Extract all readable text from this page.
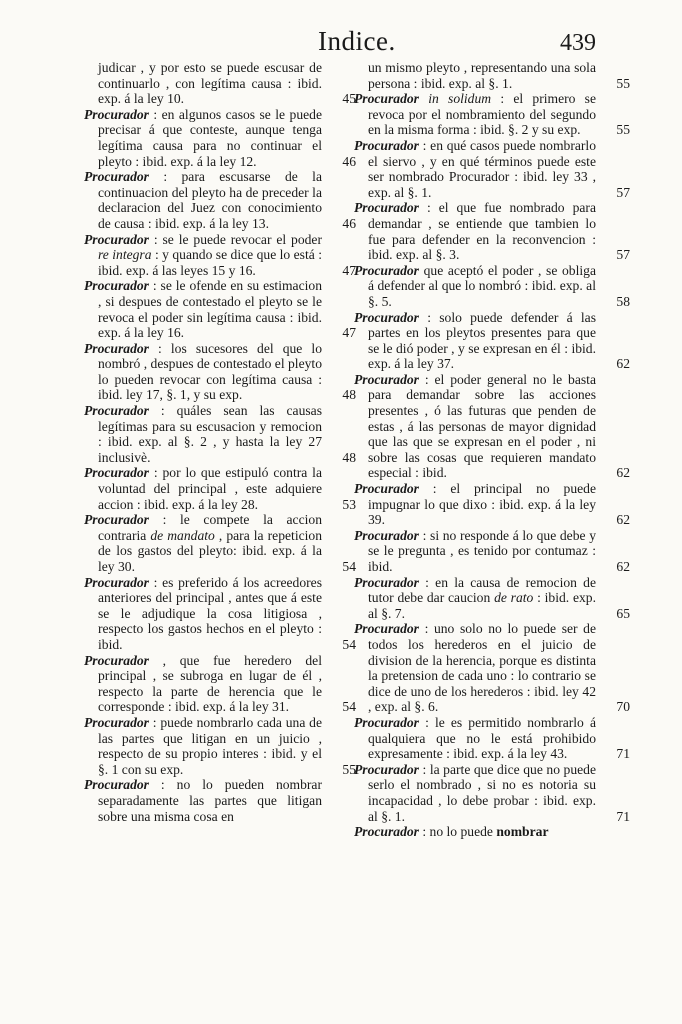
Indice.	439

judicar , y por esto se puede escusar de continuarlo , con legítima causa : ibid. exp. á la ley 10.	45

Procurador : en algunos casos se le puede precisar á que conteste, aunque tenga legítima causa para no continuar el pleyto : ibid. exp. á la ley 12.	46

Procurador : para escusarse de la continuacion del pleyto ha de preceder la declaracion del Juez con conocimiento de causa : ibid. exp. á la ley 13.	46

Procurador : se le puede revocar el poder re integra : y quando se dice que lo está : ibid. exp. á las leyes 15 y 16.	47

Procurador : se le ofende en su estimacion , si despues de contestado el pleyto se le revoca el poder sin legítima causa : ibid. exp. á la ley 16.	47

Procurador : los sucesores del que lo nombró , despues de contestado el pleyto lo pueden revocar con legítima causa : ibid. ley 17, §. 1, y su exp.	48

Procurador : quáles sean las causas legítimas para su escusacion y remocion : ibid. exp. al §. 2 , y hasta la ley 27 inclusivè.	48

Procurador : por lo que estipuló contra la voluntad del principal , este adquiere accion : ibid. exp. á la ley 28.	53

Procurador : le compete la accion contraria de mandato , para la repeticion de los gastos del pleyto: ibid. exp. á la ley 30.	54

Procurador : es preferido á los acreedores anteriores del principal , antes que á este se le adjudique la cosa litigiosa , respecto los gastos hechos en el pleyto : ibid.	54

Procurador , que fue heredero del principal , se subroga en lugar de él , respecto la parte de herencia que le corresponde : ibid. exp. á la ley 31.	54

Procurador : puede nombrarlo cada una de las partes que litigan en un juicio , respecto de su propio interes : ibid. y el §. 1 con su exp.	55

Procurador : no lo pueden nombrar separadamente las partes que litigan sobre una misma cosa en

un mismo pleyto , representando una sola persona : ibid. exp. al §. 1.	55

Procurador in solidum : el primero se revoca por el nombramiento del segundo en la misma forma : ibid. §. 2 y su exp.	55

Procurador : en qué casos puede nombrarlo el siervo , y en qué términos puede este ser nombrado Procurador : ibid. ley 33 , exp. al §. 1.	57

Procurador : el que fue nombrado para demandar , se entiende que tambien lo fue para defender en la reconvencion : ibid. exp. al §. 3.	57

Procurador que aceptó el poder , se obliga á defender al que lo nombró : ibid. exp. al §. 5.	58

Procurador : solo puede defender á las partes en los pleytos presentes para que se le dió poder , y se expresan en él : ibid. exp. á la ley 37.	62

Procurador : el poder general no le basta para demandar sobre las acciones presentes , ó las futuras que penden de estas , á las personas de mayor dignidad que las que se expresan en el poder , ni sobre las cosas que requieren mandato especial : ibid.	62

Procurador : el principal no puede impugnar lo que dixo : ibid. exp. á la ley 39.	62

Procurador : si no responde á lo que debe y se le pregunta , es tenido por contumaz : ibid.	62

Procurador : en la causa de remocion de tutor debe dar caucion de rato : ibid. exp. al §. 7.	65

Procurador : uno solo no lo puede ser de todos los herederos en el juicio de division de la herencia, porque es distinta la pretension de cada uno : lo contrario se dice de uno de los herederos : ibid. ley 42 , exp. al §. 6.	70

Procurador : le es permitido nombrarlo á qualquiera que no le está prohibido expresamente : ibid. exp. á la ley 43.	71

Procurador : la parte que dice que no puede serlo el nombrado , si no es notoria su incapacidad , lo debe probar : ibid. exp. al §. 1.	71

Procurador : no lo puede nombrar
